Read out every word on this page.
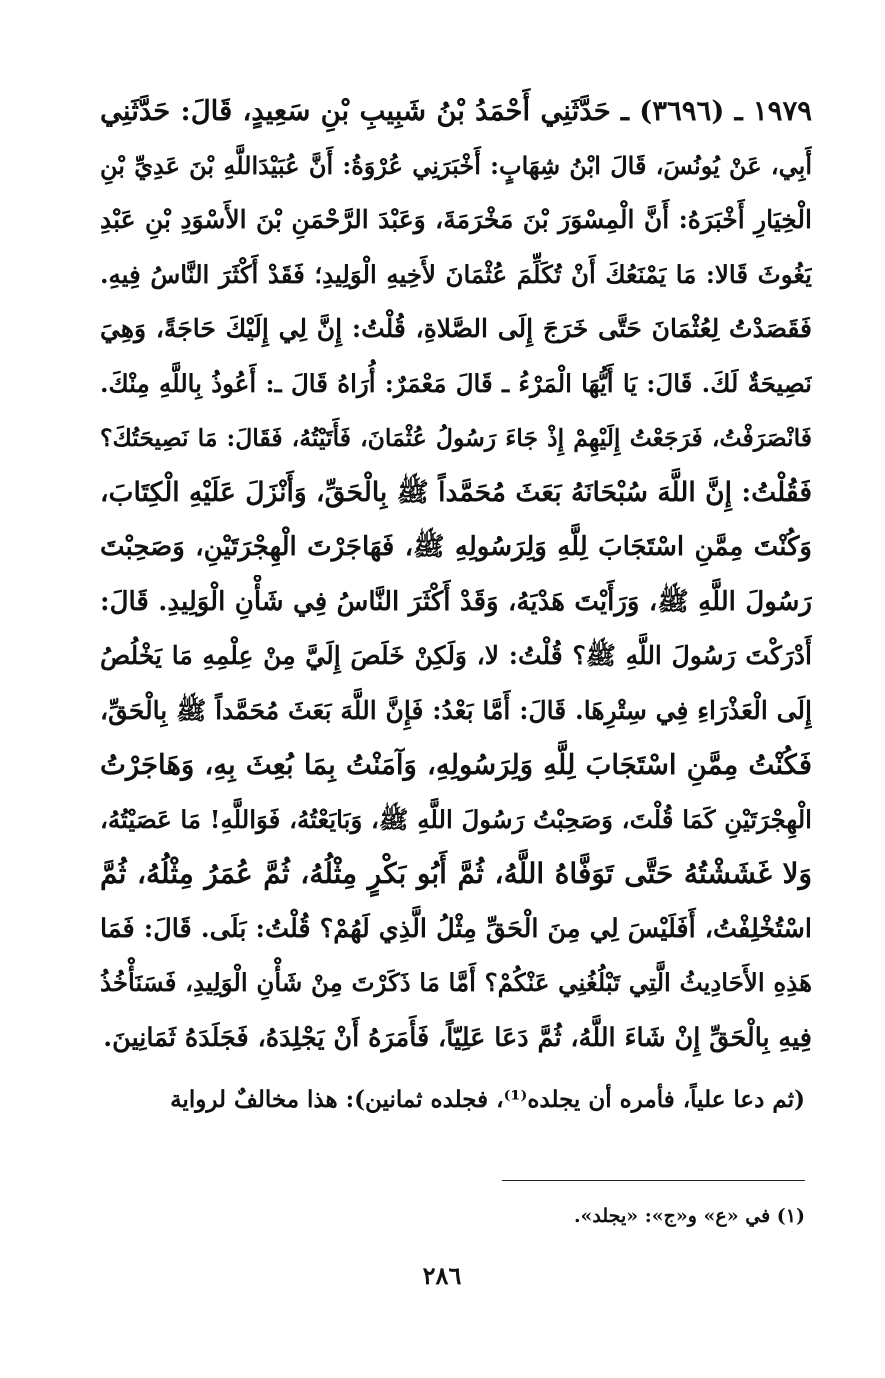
١٩٧٩ ـ (٣٦٩٦) ـ حَدَّثَنِي أَحْمَدُ بْنُ شَبِيبِ بْنِ سَعِيدٍ، قَالَ: حَدَّثَنِي
أَبِي، عَنْ يُونُسَ، قَالَ ابْنُ شِهَابٍ: أَخْبَرَنِي عُرْوَةُ: أَنَّ عُبَيْدَاللَّهِ بْنَ عَدِيِّ بْنِ
الْخِيَارِ أَخْبَرَهُ: أَنَّ الْمِسْوَرَ بْنَ مَخْرَمَةَ، وَعَبْدَ الرَّحْمَنِ بْنَ الأَسْوَدِ بْنِ عَبْدِ
يَغُوثَ قَالا: مَا يَمْنَعُكَ أَنْ تُكَلِّمَ عُثْمَانَ لأَخِيهِ الْوَلِيدِ؛ فَقَدْ أَكْثَرَ النَّاسُ فِيهِ.
فَقَصَدْتُ لِعُثْمَانَ حَتَّى خَرَجَ إِلَى الصَّلاةِ، قُلْتُ: إِنَّ لِي إِلَيْكَ حَاجَةً، وَهِيَ
نَصِيحَةٌ لَكَ. قَالَ: يَا أَيُّهَا الْمَرْءُ ـ قَالَ مَعْمَرٌ: أُرَاهُ قَالَ ـ: أَعُوذُ بِاللَّهِ مِنْكَ.
فَانْصَرَفْتُ، فَرَجَعْتُ إِلَيْهِمْ إِذْ جَاءَ رَسُولُ عُثْمَانَ، فَأَتَيْتُهُ، فَقَالَ: مَا نَصِيحَتُكَ؟
فَقُلْتُ: إِنَّ اللَّهَ سُبْحَانَهُ بَعَثَ مُحَمَّداً ﷺ بِالْحَقِّ، وَأَنْزَلَ عَلَيْهِ الْكِتَابَ،
وَكُنْتَ مِمَّنِ اسْتَجَابَ لِلَّهِ وَلِرَسُولِهِ ﷺ، فَهَاجَرْتَ الْهِجْرَتَيْنِ، وَصَحِبْتَ
رَسُولَ اللَّهِ ﷺ، وَرَأَيْتَ هَدْيَهُ، وَقَدْ أَكْثَرَ النَّاسُ فِي شَأْنِ الْوَلِيدِ. قَالَ:
أَدْرَكْتَ رَسُولَ اللَّهِ ﷺ؟ قُلْتُ: لا، وَلَكِنْ خَلَصَ إِلَيَّ مِنْ عِلْمِهِ مَا يَخْلُصُ
إِلَى الْعَذْرَاءِ فِي سِتْرِهَا. قَالَ: أَمَّا بَعْدُ: فَإِنَّ اللَّهَ بَعَثَ مُحَمَّداً ﷺ بِالْحَقِّ،
فَكُنْتُ مِمَّنِ اسْتَجَابَ لِلَّهِ وَلِرَسُولِهِ، وَآمَنْتُ بِمَا بُعِثَ بِهِ، وَهَاجَرْتُ
الْهِجْرَتَيْنِ كَمَا قُلْتَ، وَصَحِبْتُ رَسُولَ اللَّهِ ﷺ، وَبَايَعْتُهُ، فَوَاللَّهِ! مَا عَصَيْتُهُ،
وَلا غَشَشْتُهُ حَتَّى تَوَفَّاهُ اللَّهُ، ثُمَّ أَبُو بَكْرٍ مِثْلُهُ، ثُمَّ عُمَرُ مِثْلُهُ، ثُمَّ
اسْتُخْلِفْتُ، أَفَلَيْسَ لِي مِنَ الْحَقِّ مِثْلُ الَّذِي لَهُمْ؟ قُلْتُ: بَلَى. قَالَ: فَمَا
هَذِهِ الأَحَادِيثُ الَّتِي تَبْلُغُنِي عَنْكُمْ؟ أَمَّا مَا ذَكَرْتَ مِنْ شَأْنِ الْوَلِيدِ، فَسَنَأْخُذُ
فِيهِ بِالْحَقِّ إِنْ شَاءَ اللَّهُ، ثُمَّ دَعَا عَلِيّاً، فَأَمَرَهُ أَنْ يَجْلِدَهُ، فَجَلَدَهُ ثَمَانِينَ.
(ثم دعا علياً، فأمره أن يجلده⁽¹⁾، فجلده ثمانين): هذا مخالفٌ لرواية
(١) في «ع» و«ج»: «يجلد».
٢٨٦
